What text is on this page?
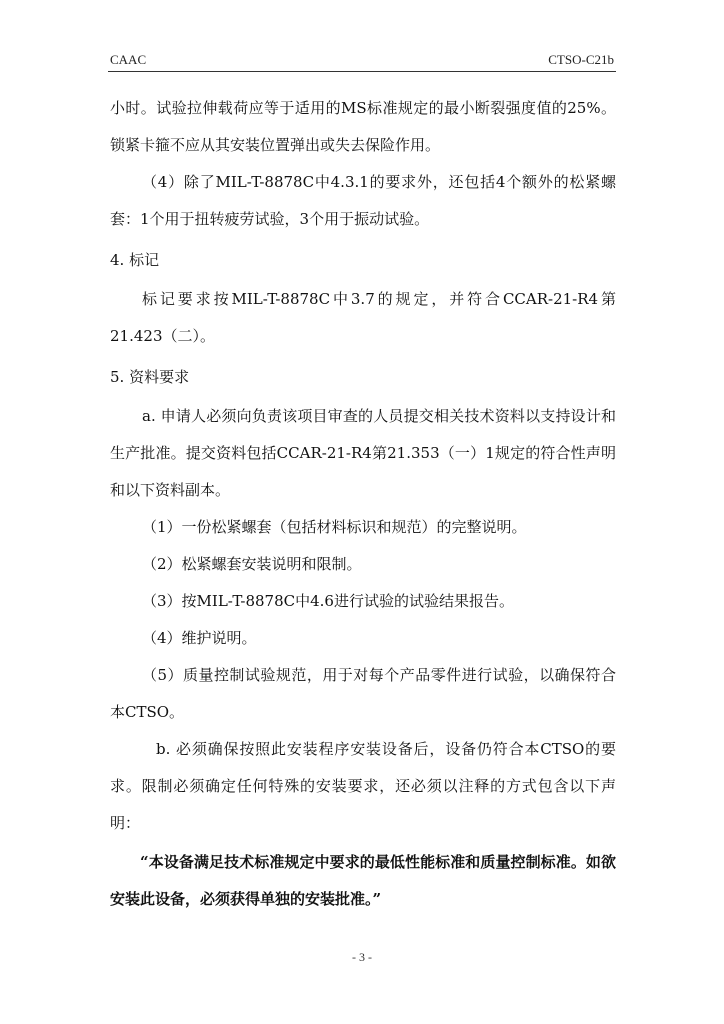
CAAC	CTSO-C21b

小时。试验拉伸载荷应等于适用的MS标准规定的最小断裂强度值的25%。锁紧卡箍不应从其安装位置弹出或失去保险作用。

（4）除了MIL-T-8878C中4.3.1的要求外，还包括4个额外的松紧螺套：1个用于扭转疲劳试验，3个用于振动试验。

4. 标记

标记要求按MIL-T-8878C中3.7的规定，并符合CCAR-21-R4第21.423（二）。

5. 资料要求

a. 申请人必须向负责该项目审查的人员提交相关技术资料以支持设计和生产批准。提交资料包括CCAR-21-R4第21.353（一）1规定的符合性声明和以下资料副本。

（1）一份松紧螺套（包括材料标识和规范）的完整说明。

（2）松紧螺套安装说明和限制。

（3）按MIL-T-8878C中4.6进行试验的试验结果报告。

（4）维护说明。

（5）质量控制试验规范，用于对每个产品零件进行试验，以确保符合本CTSO。

b. 必须确保按照此安装程序安装设备后，设备仍符合本CTSO的要求。限制必须确定任何特殊的安装要求，还必须以注释的方式包含以下声明：

“本设备满足技术标准规定中要求的最低性能标准和质量控制标准。如欲安装此设备，必须获得单独的安装批准。”

- 3 -
